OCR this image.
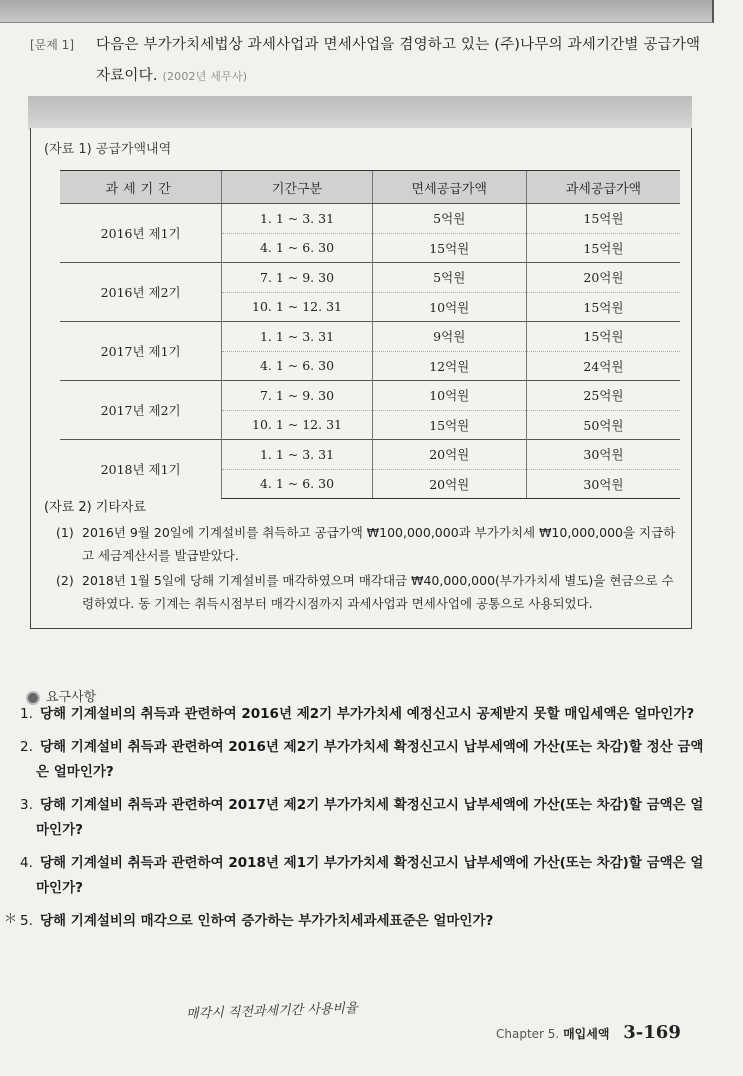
[문제 1] 다음은 부가가치세법상 과세사업과 면세사업을 겸영하고 있는 (주)나무의 과세기간별 공급가액 자료이다. (2002년 세무사)
(자료 1) 공급가액내역
과세기간	기간구분	면세공급가액	과세공급가액
2016년 제1기	1. 1 ~ 3. 31	5억원	15억원
	4. 1 ~ 6. 30	15억원	15억원
2016년 제2기	7. 1 ~ 9. 30	5억원	20억원
	10. 1 ~ 12. 31	10억원	15억원
2017년 제1기	1. 1 ~ 3. 31	9억원	15억원
	4. 1 ~ 6. 30	12억원	24억원
2017년 제2기	7. 1 ~ 9. 30	10억원	25억원
	10. 1 ~ 12. 31	15억원	50억원
2018년 제1기	1. 1 ~ 3. 31	20억원	30억원
	4. 1 ~ 6. 30	20억원	30억원
(자료 2) 기타자료
(1) 2016년 9월 20일에 기계설비를 취득하고 공급가액 ₩100,000,000과 부가가치세 ₩10,000,000을 지급하고 세금계산서를 발급받았다.
(2) 2018년 1월 5일에 당해 기계설비를 매각하였으며 매각대금 ₩40,000,000(부가가치세 별도)을 현금으로 수령하였다. 동 기계는 취득시점부터 매각시점까지 과세사업과 면세사업에 공통으로 사용되었다.
요구사항
1. 당해 기계설비의 취득과 관련하여 2016년 제2기 부가가치세 예정신고시 공제받지 못할 매입세액은 얼마인가?
2. 당해 기계설비 취득과 관련하여 2016년 제2기 부가가치세 확정신고시 납부세액에 가산(또는 차감)할 정산 금액은 얼마인가?
3. 당해 기계설비 취득과 관련하여 2017년 제2기 부가가치세 확정신고시 납부세액에 가산(또는 차감)할 금액은 얼마인가?
4. 당해 기계설비 취득과 관련하여 2018년 제1기 부가가치세 확정신고시 납부세액에 가산(또는 차감)할 금액은 얼마인가?
＊ 5. 당해 기계설비의 매각으로 인하여 증가하는 부가가치세과세표준은 얼마인가?
매각시 직전과세기간 사용비율
Chapter 5. 매입세액 3-169
